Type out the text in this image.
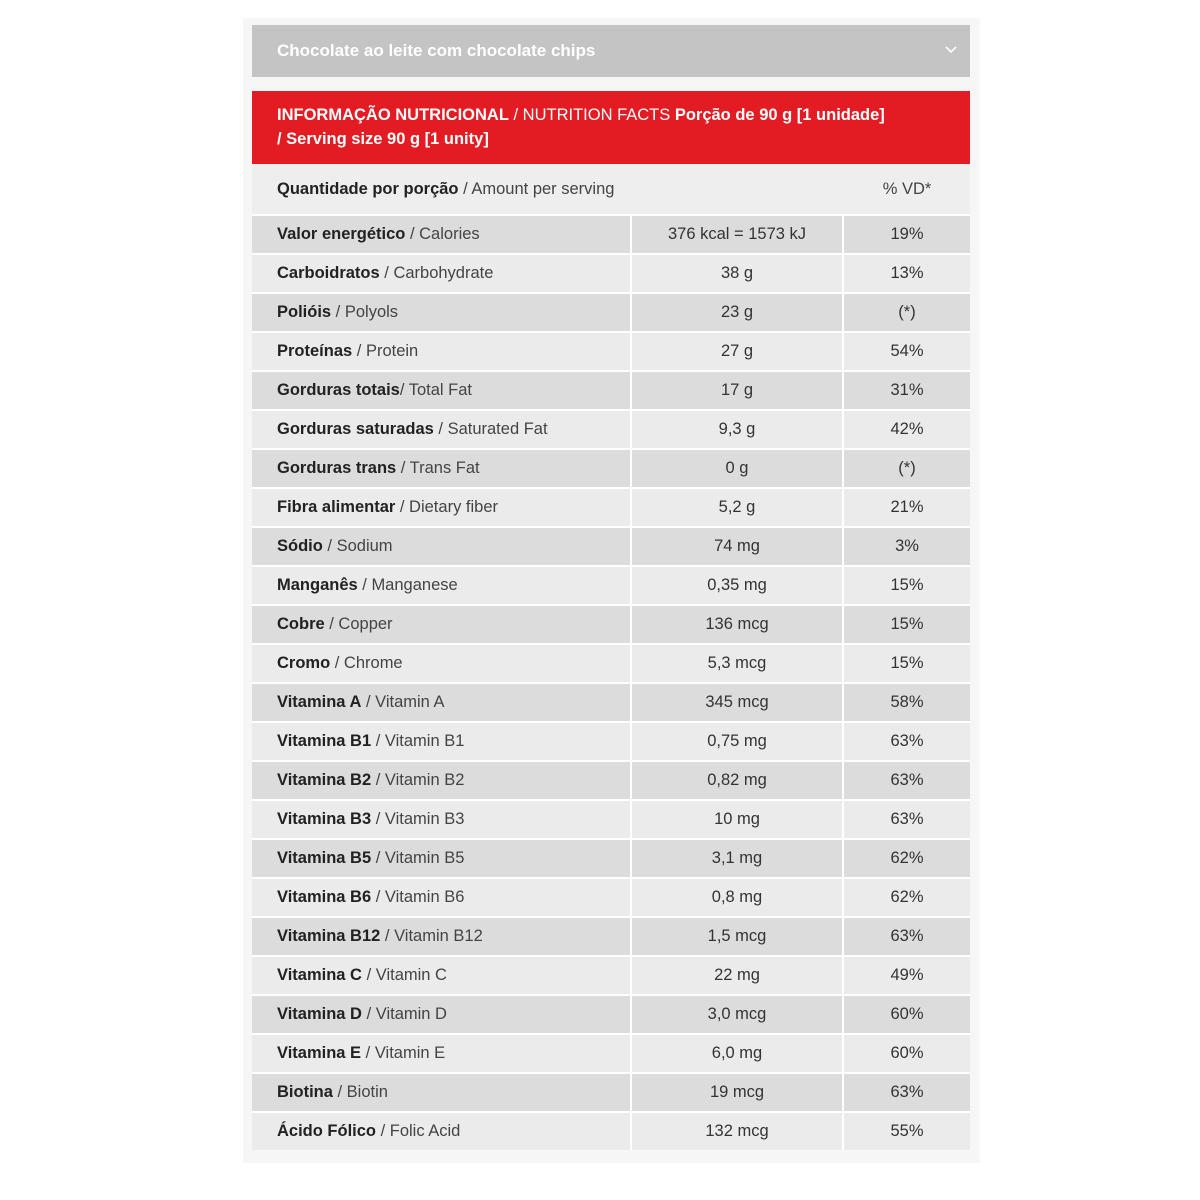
Chocolate ao leite com chocolate chips
INFORMAÇÃO NUTRICIONAL / NUTRITION FACTS Porção de 90 g [1 unidade]
/ Serving size 90 g [1 unity]
Quantidade por porção / Amount per serving	% VD*
Valor energético / Calories	376 kcal = 1573 kJ	19%
Carboidratos / Carbohydrate	38 g	13%
Polióis / Polyols	23 g	(*)
Proteínas / Protein	27 g	54%
Gorduras totais/ Total Fat	17 g	31%
Gorduras saturadas / Saturated Fat	9,3 g	42%
Gorduras trans / Trans Fat	0 g	(*)
Fibra alimentar / Dietary fiber	5,2 g	21%
Sódio / Sodium	74 mg	3%
Manganês / Manganese	0,35 mg	15%
Cobre / Copper	136 mcg	15%
Cromo / Chrome	5,3 mcg	15%
Vitamina A / Vitamin A	345 mcg	58%
Vitamina B1 / Vitamin B1	0,75 mg	63%
Vitamina B2 / Vitamin B2	0,82 mg	63%
Vitamina B3 / Vitamin B3	10 mg	63%
Vitamina B5 / Vitamin B5	3,1 mg	62%
Vitamina B6 / Vitamin B6	0,8 mg	62%
Vitamina B12 / Vitamin B12	1,5 mcg	63%
Vitamina C / Vitamin C	22 mg	49%
Vitamina D / Vitamin D	3,0 mcg	60%
Vitamina E / Vitamin E	6,0 mg	60%
Biotina / Biotin	19 mcg	63%
Ácido Fólico / Folic Acid	132 mcg	55%
